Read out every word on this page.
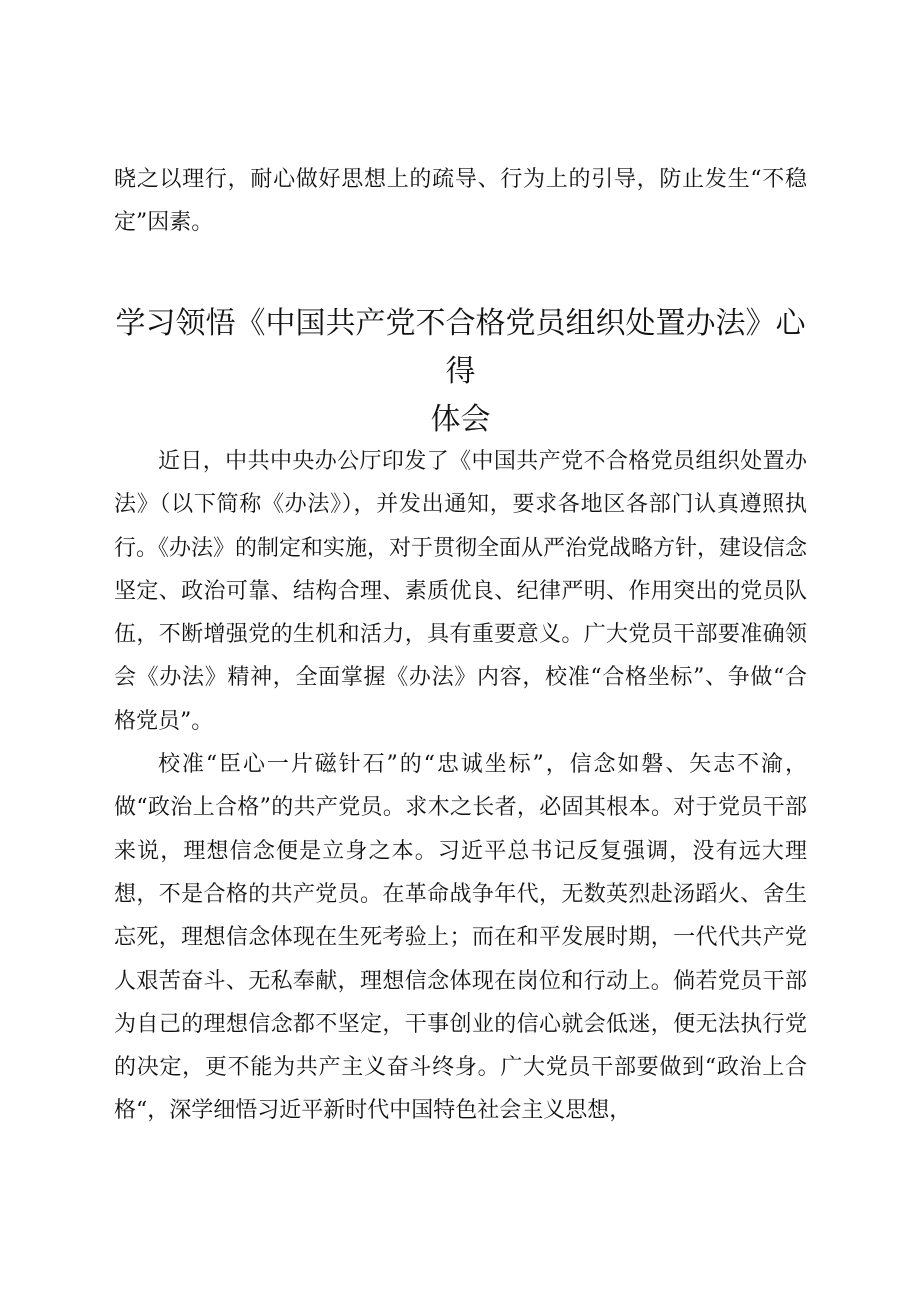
晓之以理行，耐心做好思想上的疏导、行为上的引导，防止发生“不稳定”因素。

学习领悟《中国共产党不合格党员组织处置办法》心得
体会

近日，中共中央办公厅印发了《中国共产党不合格党员组织处置办法》（以下简称《办法》），并发出通知，要求各地区各部门认真遵照执行。《办法》的制定和实施，对于贯彻全面从严治党战略方针，建设信念坚定、政治可靠、结构合理、素质优良、纪律严明、作用突出的党员队伍，不断增强党的生机和活力，具有重要意义。广大党员干部要准确领会《办法》精神，全面掌握《办法》内容，校准“合格坐标”、争做“合格党员”。

校准“臣心一片磁针石”的“忠诚坐标”，信念如磐、矢志不渝，做“政治上合格”的共产党员。求木之长者，必固其根本。对于党员干部来说，理想信念便是立身之本。习近平总书记反复强调，没有远大理想，不是合格的共产党员。在革命战争年代，无数英烈赴汤蹈火、舍生忘死，理想信念体现在生死考验上；而在和平发展时期，一代代共产党人艰苦奋斗、无私奉献，理想信念体现在岗位和行动上。倘若党员干部为自己的理想信念都不坚定，干事创业的信心就会低迷，便无法执行党的决定，更不能为共产主义奋斗终身。广大党员干部要做到“政治上合格“，深学细悟习近平新时代中国特色社会主义思想，
